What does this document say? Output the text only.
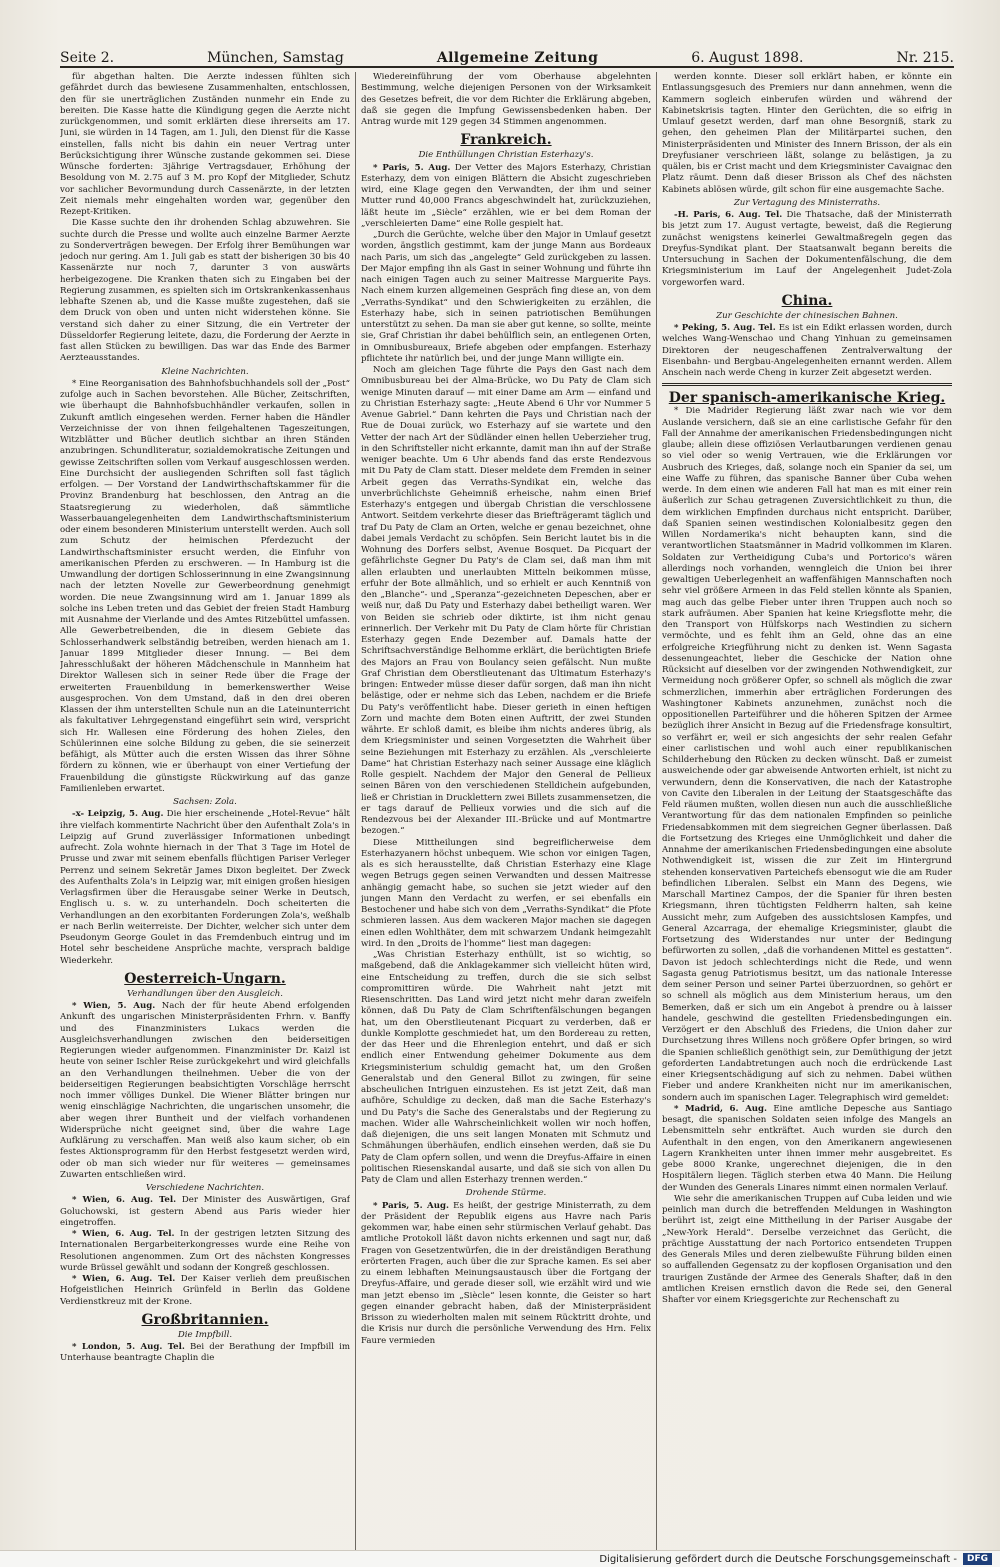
Seite 2.	München, Samstag	Allgemeine Zeitung	6. August 1898.	Nr. 215.

für abgethan halten. Die Aerzte indessen fühlten sich gefährdet durch das bewiesene Zusammenhalten, entschlossen, den für sie unerträglichen Zuständen nunmehr ein Ende zu bereiten. Die Kasse hatte die Kündigung gegen die Aerzte nicht zurückgenommen, und somit erklärten diese ihrerseits am 17. Juni, sie würden in 14 Tagen, am 1. Juli, den Dienst für die Kasse einstellen, falls nicht bis dahin ein neuer Vertrag unter Berücksichtigung ihrer Wünsche zustande gekommen sei. Diese Wünsche forderten: 3jährige Vertragsdauer, Erhöhung der Besoldung von M. 2.75 auf 3 M. pro Kopf der Mitglieder, Schutz vor sachlicher Bevormundung durch Cassenärzte, in der letzten Zeit niemals mehr eingehalten worden war, gegenüber den Rezept-Kritiken.

Die Kasse suchte den ihr drohenden Schlag abzuwehren. Sie suchte durch die Presse und wollte auch einzelne Barmer Aerzte zu Sonderverträgen bewegen. Der Erfolg ihrer Bemühungen war jedoch nur gering. Am 1. Juli gab es statt der bisherigen 30 bis 40 Kassenärzte nur noch 7, darunter 3 von auswärts herbeigezogene. Die Kranken thaten sich zu Eingaben bei der Regierung zusammen, es spielten sich im Ortskrankenkassenhaus lebhafte Szenen ab, und die Kasse mußte zugestehen, daß sie dem Druck von oben und unten nicht widerstehen könne. Sie verstand sich daher zu einer Sitzung, die ein Vertreter der Düsseldorfer Regierung leitete, dazu, die Forderung der Aerzte in fast allen Stücken zu bewilligen. Das war das Ende des Barmer Aerzteausstandes.

Kleine Nachrichten.

* Eine Reorganisation des Bahnhofsbuchhandels soll der „Post“ zufolge auch in Sachen bevorstehen. Alle Bücher, Zeitschriften, wie überhaupt die Bahnhofsbuchhändler verkaufen, sollen in Zukunft amtlich eingesehen werden. Ferner haben die Händler Verzeichnisse der von ihnen feilgehaltenen Tageszeitungen, Witzblätter und Bücher deutlich sichtbar an ihren Ständen anzubringen. Schundliteratur, sozialdemokratische Zeitungen und gewisse Zeitschriften sollen vom Verkauf ausgeschlossen werden. Eine Durchsicht der ausliegenden Schriften soll fast täglich erfolgen. — Der Vorstand der Landwirthschaftskammer für die Provinz Brandenburg hat beschlossen, den Antrag an die Staatsregierung zu wiederholen, daß sämmtliche Wasserbauangelegenheiten dem Landwirthschaftsministerium oder einem besonderen Ministerium unterstellt werden. Auch soll zum Schutz der heimischen Pferdezucht der Landwirthschaftsminister ersucht werden, die Einfuhr von amerikanischen Pferden zu erschweren. — In Hamburg ist die Umwandlung der dortigen Schlosserinnung in eine Zwangsinnung nach der letzten Novelle zur Gewerbeordnung genehmigt worden. Die neue Zwangsinnung wird am 1. Januar 1899 als solche ins Leben treten und das Gebiet der freien Stadt Hamburg mit Ausnahme der Vierlande und des Amtes Ritzebüttel umfassen. Alle Gewerbetreibenden, die in diesem Gebiete das Schlosserhandwerk selbständig betreiben, werden hienach am 1. Januar 1899 Mitglieder dieser Innung. — Bei dem Jahresschlußakt der höheren Mädchenschule in Mannheim hat Direktor Wallesen sich in seiner Rede über die Frage der erweiterten Frauenbildung in bemerkenswerther Weise ausgesprochen. Von dem Umstand, daß in den drei oberen Klassen der ihm unterstellten Schule nun an die Lateinunterricht als fakultativer Lehrgegenstand eingeführt sein wird, verspricht sich Hr. Wallesen eine Förderung des hohen Zieles, den Schülerinnen eine solche Bildung zu geben, die sie seinerzeit befähigt, als Mütter auch die ersten Wissen das ihrer Söhne fördern zu können, wie er überhaupt von einer Vertiefung der Frauenbildung die günstigste Rückwirkung auf das ganze Familienleben erwartet.

Sachsen: Zola.

-x- Leipzig, 5. Aug. Die hier erscheinende „Hotel-Revue“ hält ihre vielfach kommentirte Nachricht über den Aufenthalt Zola's in Leipzig auf Grund zuverlässiger Informationen unbedingt aufrecht. Zola wohnte hiernach in der That 3 Tage im Hotel de Prusse und zwar mit seinem ebenfalls flüchtigen Pariser Verleger Perrenz und seinem Sekretär James Dixon begleitet. Der Zweck des Aufenthalts Zola's in Leipzig war, mit einigen großen hiesigen Verlagsfirmen über die Herausgabe seiner Werke in Deutsch, Englisch u. s. w. zu unterhandeln. Doch scheiterten die Verhandlungen an den exorbitanten Forderungen Zola's, weßhalb er nach Berlin weiterreiste. Der Dichter, welcher sich unter dem Pseudonym George Goulet in das Fremdenbuch eintrug und im Hotel sehr bescheidene Ansprüche machte, versprach baldige Wiederkehr.

Oesterreich-Ungarn.
Verhandlungen über den Ausgleich.

* Wien, 5. Aug. Nach der für heute Abend erfolgenden Ankunft des ungarischen Ministerpräsidenten Frhrn. v. Banffy und des Finanzministers Lukacs werden die Ausgleichsverhandlungen zwischen den beiderseitigen Regierungen wieder aufgenommen. Finanzminister Dr. Kaizl ist heute von seiner Ischler Reise zurückgekehrt und wird gleichfalls an den Verhandlungen theilnehmen. Ueber die von der beiderseitigen Regierungen beabsichtigten Vorschläge herrscht noch immer völliges Dunkel. Die Wiener Blätter bringen nur wenig einschlägige Nachrichten, die ungarischen unsomehr, die aber wegen ihrer Buntheit und der vielfach vorhandenen Widersprüche nicht geeignet sind, über die wahre Lage Aufklärung zu verschaffen. Man weiß also kaum sicher, ob ein festes Aktionsprogramm für den Herbst festgesetzt werden wird, oder ob man sich wieder nur für weiteres — gemeinsames Zuwarten entschließen wird.

Verschiedene Nachrichten.

* Wien, 6. Aug. Tel. Der Minister des Auswärtigen, Graf Goluchowski, ist gestern Abend aus Paris wieder hier eingetroffen.

* Wien, 6. Aug. Tel. In der gestrigen letzten Sitzung des Internationalen Bergarbeiterkongresses wurde eine Reihe von Resolutionen angenommen. Zum Ort des nächsten Kongresses wurde Brüssel gewählt und sodann der Kongreß geschlossen.

* Wien, 6. Aug. Tel. Der Kaiser verlieh dem preußischen Hofgeistlichen Heinrich Grünfeld in Berlin das Goldene Verdienstkreuz mit der Krone.

Großbritannien.
Die Impfbill.

* London, 5. Aug. Tel. Bei der Berathung der Impfbill im Unterhause beantragte Chaplin die

Wiedereinführung der vom Oberhause abgelehnten Bestimmung, welche diejenigen Personen von der Wirksamkeit des Gesetzes befreit, die vor dem Richter die Erklärung abgeben, daß sie gegen die Impfung Gewissensbedenken haben. Der Antrag wurde mit 129 gegen 34 Stimmen angenommen.

Frankreich.
Die Enthüllungen Christian Esterhazy's.

* Paris, 5. Aug. Der Vetter des Majors Esterhazy, Christian Esterhazy, dem von einigen Blättern die Absicht zugeschrieben wird, eine Klage gegen den Verwandten, der ihm und seiner Mutter rund 40,000 Francs abgeschwindelt hat, zurückzuziehen, läßt heute im „Siècle“ erzählen, wie er bei dem Roman der „verschleierten Dame“ eine Rolle gespielt hat.

„Durch die Gerüchte, welche über den Major in Umlauf gesetzt worden, ängstlich gestimmt, kam der junge Mann aus Bordeaux nach Paris, um sich das „angelegte“ Geld zurückgeben zu lassen. Der Major empfing ihn als Gast in seiner Wohnung und führte ihn nach einigen Tagen auch zu seiner Maitresse Marguerite Pays. Nach einem kurzen allgemeinen Gespräch fing diese an, von dem „Verraths-Syndikat“ und den Schwierigkeiten zu erzählen, die Esterhazy habe, sich in seinen patriotischen Bemühungen unterstützt zu sehen. Da man sie aber gut kenne, so sollte, meinte sie, Graf Christian ihr dabei behülflich sein, an entlegenen Orten, in Omnibusbureaux, Briefe abgeben oder empfangen. Esterhazy pflichtete ihr natürlich bei, und der junge Mann willigte ein.

Noch am gleichen Tage führte die Pays den Gast nach dem Omnibusbureau bei der Alma-Brücke, wo Du Paty de Clam sich wenige Minuten darauf — mit einer Dame am Arm — einfand und zu Christian Esterhazy sagte: „Heute Abend 6 Uhr vor Nummer 5 Avenue Gabriel.“ Dann kehrten die Pays und Christian nach der Rue de Douai zurück, wo Esterhazy auf sie wartete und den Vetter der nach Art der Südländer einen hellen Ueberzieher trug, in den Schriftsteller nicht erkannte, damit man ihn auf der Straße weniger beachte. Um 6 Uhr abends fand das erste Rendezvous mit Du Paty de Clam statt. Dieser meldete dem Fremden in seiner Arbeit gegen das Verraths-Syndikat ein, welche das unverbrüchlichste Geheimniß erheische, nahm einen Brief Esterhazy's entgegen und übergab Christian die verschlossene Antwort. Seitdem verkehrte dieser das Briefträgeramt täglich und traf Du Paty de Clam an Orten, welche er genau bezeichnet, ohne dabei jemals Verdacht zu schöpfen. Sein Bericht lautet bis in die Wohnung des Dorfers selbst, Avenue Bosquet. Da Picquart der gefährlichste Gegner Du Paty's de Clam sei, daß man ihm mit allen erlaubten und unerlaubten Mitteln beikommen müsse, erfuhr der Bote allmählich, und so erhielt er auch Kenntniß von den „Blanche“- und „Speranza“-gezeichneten Depeschen, aber er weiß nur, daß Du Paty und Esterhazy dabei betheiligt waren. Wer von Beiden sie schrieb oder diktirte, ist ihm nicht genau erinnerlich. Der Verkehr mit Du Paty de Clam hörte für Christian Esterhazy gegen Ende Dezember auf. Damals hatte der Schriftsachverständige Belhomme erklärt, die berüchtigten Briefe des Majors an Frau von Boulancy seien gefälscht. Nun mußte Graf Christian dem Oberstlieutenant das Ultimatum Esterhazy's bringen: Entweder müsse dieser dafür sorgen, daß man ihn nicht belästige, oder er nehme sich das Leben, nachdem er die Briefe Du Paty's veröffentlicht habe. Dieser gerieth in einen heftigen Zorn und machte dem Boten einen Auftritt, der zwei Stunden währte. Er schloß damit, es bleibe ihm nichts anderes übrig, als dem Kriegsminister und seinen Vorgesetzten die Wahrheit über seine Beziehungen mit Esterhazy zu erzählen. Als „verschleierte Dame“ hat Christian Esterhazy nach seiner Aussage eine kläglich Rolle gespielt. Nachdem der Major den General de Pellieux seinen Bären von den verschiedenen Stelldichein aufgebunden, ließ er Christian in Drucklettern zwei Billets zusammensetzen, die er tags darauf de Pellieux vorwies und die sich auf die Rendezvous bei der Alexander III.-Brücke und auf Montmartre bezogen.“

Diese Mittheilungen sind begreiflicherweise dem Esterhazyanern höchst unbequem. Wie schon vor einigen Tagen, als es sich herausstellte, daß Christian Esterhazy eine Klage wegen Betrugs gegen seinen Verwandten und dessen Maitresse anhängig gemacht habe, so suchen sie jetzt wieder auf den jungen Mann den Verdacht zu werfen, er sei ebenfalls ein Bestochener und habe sich von dem „Verraths-Syndikat“ die Pfote schmieren lassen. Aus dem wackeren Major machen sie dagegen einen edlen Wohlthäter, dem mit schwarzem Undank heimgezahlt wird. In den „Droits de l'homme“ liest man dagegen:

„Was Christian Esterhazy enthüllt, ist so wichtig, so maßgebend, daß die Anklagekammer sich vielleicht hüten wird, eine Entscheidung zu treffen, durch die sie sich selbst compromittiren würde. Die Wahrheit naht jetzt mit Riesenschritten. Das Land wird jetzt nicht mehr daran zweifeln können, daß Du Paty de Clam Schriftenfälschungen begangen hat, um den Oberstlieutenant Picquart zu verderben, daß er dunkle Komplotte geschmiedet hat, um den Bordereau zu retten, der das Heer und die Ehrenlegion entehrt, und daß er sich endlich einer Entwendung geheimer Dokumente aus dem Kriegsministerium schuldig gemacht hat, um den Großen Generalstab und den General Billot zu zwingen, für seine abscheulichen Intriguen einzustehen. Es ist jetzt Zeit, daß man aufhöre, Schuldige zu decken, daß man die Sache Esterhazy's und Du Paty's die Sache des Generalstabs und der Regierung zu machen. Wider alle Wahrscheinlichkeit wollen wir noch hoffen, daß diejenigen, die uns seit langen Monaten mit Schmutz und Schmähungen überhäufen, endlich einsehen werden, daß sie Du Paty de Clam opfern sollen, und wenn die Dreyfus-Affaire in einen politischen Riesenskandal ausarte, und daß sie sich von allen Du Paty de Clam und allen Esterhazy trennen werden.“

Drohende Stürme.

* Paris, 5. Aug. Es heißt, der gestrige Ministerrath, zu dem der Präsident der Republik eigens aus Havre nach Paris gekommen war, habe einen sehr stürmischen Verlauf gehabt. Das amtliche Protokoll läßt davon nichts erkennen und sagt nur, daß Fragen von Gesetzentwürfen, die in der dreiständigen Berathung erörterten Fragen, auch über die zur Sprache kamen. Es sei aber zu einem lebhaften Meinungsaustausch über die Fortgang der Dreyfus-Affaire, und gerade dieser soll, wie erzählt wird und wie man jetzt ebenso im „Siècle“ lesen konnte, die Geister so hart gegen einander gebracht haben, daß der Ministerpräsident Brisson zu wiederholten malen mit seinem Rücktritt drohte, und die Krisis nur durch die persönliche Verwendung des Hrn. Felix Faure vermieden

werden konnte. Dieser soll erklärt haben, er könnte ein Entlassungsgesuch des Premiers nur dann annehmen, wenn die Kammern sogleich einberufen würden und während der Kabinetskrisis tagten. Hinter den Gerüchten, die so eifrig in Umlauf gesetzt werden, darf man ohne Besorgniß, stark zu gehen, den geheimen Plan der Militärpartei suchen, den Ministerpräsidenten und Minister des Innern Brisson, der als ein Dreyfusianer verschrieen läßt, solange zu belästigen, ja zu quälen, bis er Crist macht und dem Kriegsminister Cavaignac den Platz räumt. Denn daß dieser Brisson als Chef des nächsten Kabinets ablösen würde, gilt schon für eine ausgemachte Sache.

Zur Vertagung des Ministerraths.

-H. Paris, 6. Aug. Tel. Die Thatsache, daß der Ministerrath bis jetzt zum 17. August vertagte, beweist, daß die Regierung zunächst wenigstens keinerlei Gewaltmaßregeln gegen das Dreyfus-Syndikat plant. Der Staatsanwalt begann bereits die Untersuchung in Sachen der Dokumentenfälschung, die dem Kriegsministerium im Lauf der Angelegenheit Judet-Zola vorgeworfen ward.

China.
Zur Geschichte der chinesischen Bahnen.

* Peking, 5. Aug. Tel. Es ist ein Edikt erlassen worden, durch welches Wang-Wenschao und Chang Yinhuan zu gemeinsamen Direktoren der neugeschaffenen Zentralverwaltung der Eisenbahn- und Bergbau-Angelegenheiten ernannt werden. Allem Anschein nach werde Cheng in kurzer Zeit abgesetzt werden.

Der spanisch-amerikanische Krieg.

* Die Madrider Regierung läßt zwar nach wie vor dem Auslande versichern, daß sie an eine carlistische Gefahr für den Fall der Annahme der amerikanischen Friedensbedingungen nicht glaube; allein diese offiziösen Verlautbarungen verdienen genau so viel oder so wenig Vertrauen, wie die Erklärungen vor Ausbruch des Krieges, daß, solange noch ein Spanier da sei, um eine Waffe zu führen, das spanische Banner über Cuba wehen werde. In dem einen wie anderen Fall hat man es mit einer rein äußerlich zur Schau getragenen Zuversichtlichkeit zu thun, die dem wirklichen Empfinden durchaus nicht entspricht. Darüber, daß Spanien seinen westindischen Kolonialbesitz gegen den Willen Nordamerika's nicht behaupten kann, sind die verantwortlichen Staatsmänner in Madrid vollkommen im Klaren. Soldaten zur Vertheidigung Cuba's und Portorico's wären allerdings noch vorhanden, wenngleich die Union bei ihrer gewaltigen Ueberlegenheit an waffenfähigen Mannschaften noch sehr viel größere Armeen in das Feld stellen könnte als Spanien, mag auch das gelbe Fieber unter ihren Truppen auch noch so stark aufräumen. Aber Spanien hat keine Kriegsflotte mehr, die den Transport von Hülfskorps nach Westindien zu sichern vermöchte, und es fehlt ihm an Geld, ohne das an eine erfolgreiche Kriegführung nicht zu denken ist. Wenn Sagasta dessenungeachtet, lieber die Geschicke der Nation ohne Rücksicht auf dieselben vor der zwingenden Nothwendigkeit, zur Vermeidung noch größerer Opfer, so schnell als möglich die zwar schmerzlichen, immerhin aber erträglichen Forderungen des Washingtoner Kabinets anzunehmen, zunächst noch die oppositionellen Parteiführer und die höheren Spitzen der Armee bezüglich ihrer Ansicht in Bezug auf die Friedensfrage konsultirt, so verfährt er, weil er sich angesichts der sehr realen Gefahr einer carlistischen und wohl auch einer republikanischen Schilderhebung den Rücken zu decken wünscht. Daß er zumeist ausweichende oder gar abweisende Antworten erhielt, ist nicht zu verwundern, denn die Konservativen, die nach der Katastrophe von Cavite den Liberalen in der Leitung der Staatsgeschäfte das Feld räumen mußten, wollen diesen nun auch die ausschließliche Verantwortung für das dem nationalen Empfinden so peinliche Friedensabkommen mit dem siegreichen Gegner überlassen. Daß die Fortsetzung des Krieges eine Unmöglichkeit und daher die Annahme der amerikanischen Friedensbedingungen eine absolute Nothwendigkeit ist, wissen die zur Zeit im Hintergrund stehenden konservativen Parteichefs ebensogut wie die am Ruder befindlichen Liberalen. Selbst ein Mann des Degens, wie Marschall Martinez Campos, der die Spanier für ihren besten Kriegsmann, ihren tüchtigsten Feldherrn halten, sah keine Aussicht mehr, zum Aufgeben des aussichtslosen Kampfes, und General Azcarraga, der ehemalige Kriegsminister, glaubt die Fortsetzung des Widerstandes nur unter der Bedingung befürworten zu sollen, „daß die vorhandenen Mittel es gestatten“. Davon ist jedoch schlechterdings nicht die Rede, und wenn Sagasta genug Patriotismus besitzt, um das nationale Interesse dem seiner Person und seiner Partei überzuordnen, so gehört er so schnell als möglich aus dem Ministerium heraus, um den Bemerken, daß er sich um ein Angebot à prendre ou à laisser handele, geschwind die gestellten Friedensbedingungen ein. Verzögert er den Abschluß des Friedens, die Union daher zur Durchsetzung ihres Willens noch größere Opfer bringen, so wird die Spanien schließlich genöthigt sein, zur Demüthigung der jetzt geforderten Landabtretungen auch noch die erdrückende Last einer Kriegsentschädigung auf sich zu nehmen. Dabei wüthen Fieber und andere Krankheiten nicht nur im amerikanischen, sondern auch im spanischen Lager. Telegraphisch wird gemeldet:

* Madrid, 6. Aug. Eine amtliche Depesche aus Santiago besagt, die spanischen Soldaten seien infolge des Mangels an Lebensmitteln sehr entkräftet. Auch wurden sie durch den Aufenthalt in den engen, von den Amerikanern angewiesenen Lagern Krankheiten unter ihnen immer mehr ausgebreitet. Es gebe 8000 Kranke, ungerechnet diejenigen, die in den Hospitälern liegen. Täglich sterben etwa 40 Mann. Die Heilung der Wunden des Generals Linares nimmt einen normalen Verlauf.

Wie sehr die amerikanischen Truppen auf Cuba leiden und wie peinlich man durch die betreffenden Meldungen in Washington berührt ist, zeigt eine Mittheilung in der Pariser Ausgabe der „New-York Herald“. Derselbe verzeichnet das Gerücht, die prächtige Ausstattung der nach Portorico entsendeten Truppen des Generals Miles und deren zielbewußte Führung bilden einen so auffallenden Gegensatz zu der kopflosen Organisation und den traurigen Zustände der Armee des Generals Shafter, daß in den amtlichen Kreisen ernstlich davon die Rede sei, den General Shafter vor einem Kriegsgerichte zur Rechenschaft zu

Digitalisierung gefördert durch die Deutsche Forschungsgemeinschaft -	DFG
